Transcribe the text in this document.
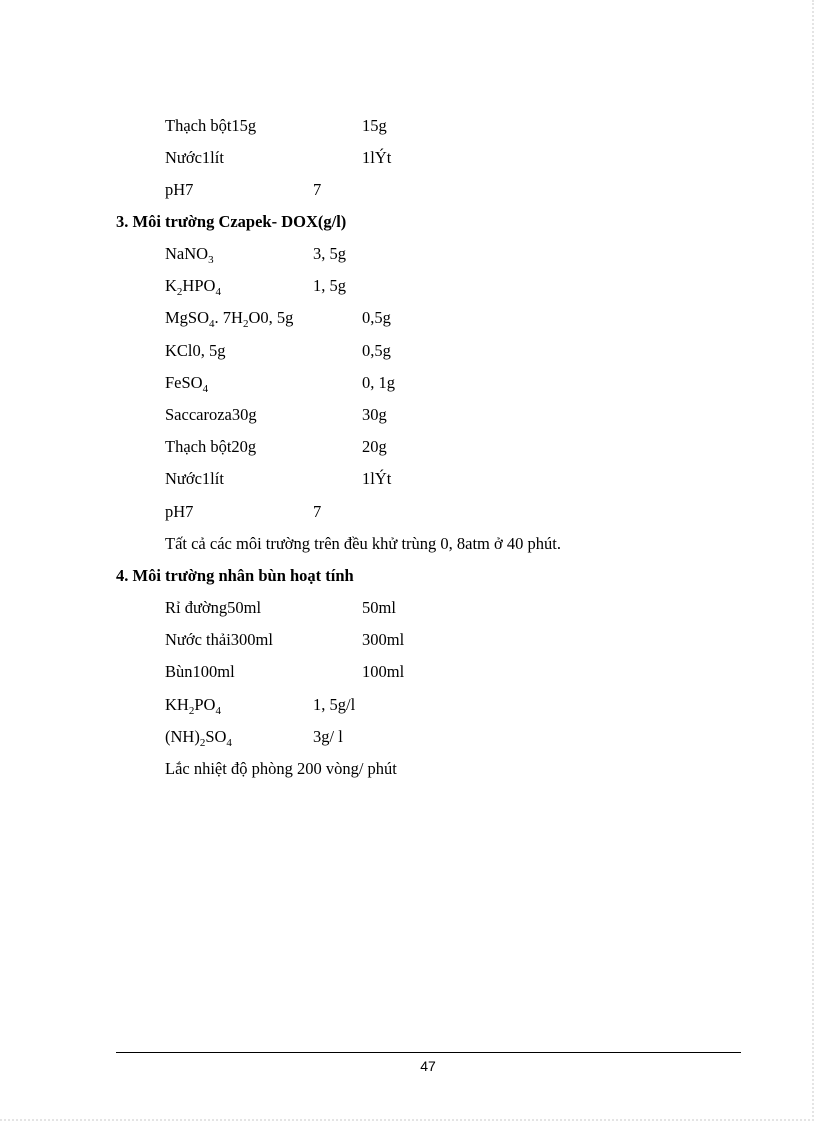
Thạch bột15g	15g
Nước1lít	1lÝt
pH7	7
3. Môi trường Czapek- DOX(g/l)
NaNO$_3$	3, 5g
$K_2HPO_4$	1, 5g
MgSO$_4$. $7H_2O0$, 5g	0,5g
KCl0, 5g	0,5g
FeSO$_4$	0, 1g
Saccaroza30g	30g
Thạch bột20g	20g
Nước1lít	1lÝt
pH7	7
Tất cả các môi trường trên đều khử trùng 0, 8atm ở 40 phút.
4. Môi trường nhân bùn hoạt tính
Rỉ đường50ml	50ml
Nước thải300ml	300ml
Bùn100ml	100ml
$KH_2PO_4$	1, 5g/l
$(NH)_2SO_4$	3g/ l
Lắc nhiệt độ phòng 200 vòng/ phút
47
